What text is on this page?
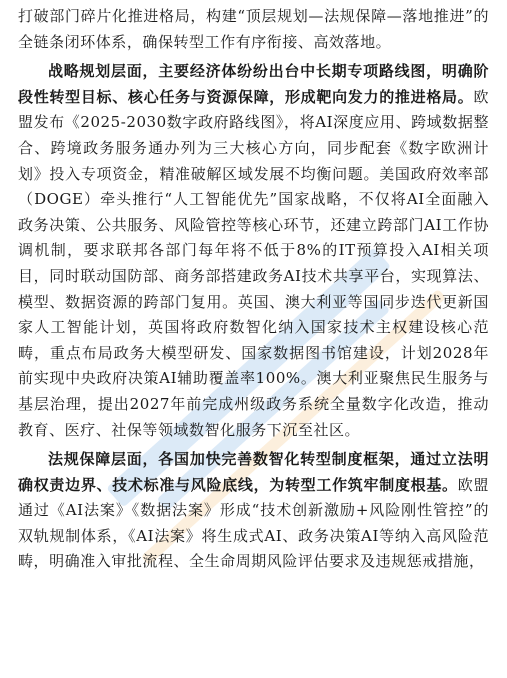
打破部门碎片化推进格局，构建“顶层规划—法规保障—落地推进”的全链条闭环体系，确保转型工作有序衔接、高效落地。

战略规划层面，主要经济体纷纷出台中长期专项路线图，明确阶段性转型目标、核心任务与资源保障，形成靶向发力的推进格局。欧盟发布《2025-2030数字政府路线图》，将AI深度应用、跨域数据整合、跨境政务服务通办列为三大核心方向，同步配套《数字欧洲计划》投入专项资金，精准破解区域发展不均衡问题。美国政府效率部（DOGE）牵头推行“人工智能优先”国家战略，不仅将AI全面融入政务决策、公共服务、风险管控等核心环节，还建立跨部门AI工作协调机制，要求联邦各部门每年将不低于8%的IT预算投入AI相关项目，同时联动国防部、商务部搭建政务AI技术共享平台，实现算法、模型、数据资源的跨部门复用。英国、澳大利亚等国同步迭代更新国家人工智能计划，英国将政府数智化纳入国家技术主权建设核心范畴，重点布局政务大模型研发、国家数据图书馆建设，计划2028年前实现中央政府决策AI辅助覆盖率100%。澳大利亚聚焦民生服务与基层治理，提出2027年前完成州级政务系统全量数字化改造，推动教育、医疗、社保等领域数智化服务下沉至社区。

法规保障层面，各国加快完善数智化转型制度框架，通过立法明确权责边界、技术标准与风险底线，为转型工作筑牢制度根基。欧盟通过《AI法案》《数据法案》形成“技术创新激励+风险刚性管控”的双轨规制体系，《AI法案》将生成式AI、政务决策AI等纳入高风险范畴，明确准入审批流程、全生命周期风险评估要求及违规惩戒措施，
